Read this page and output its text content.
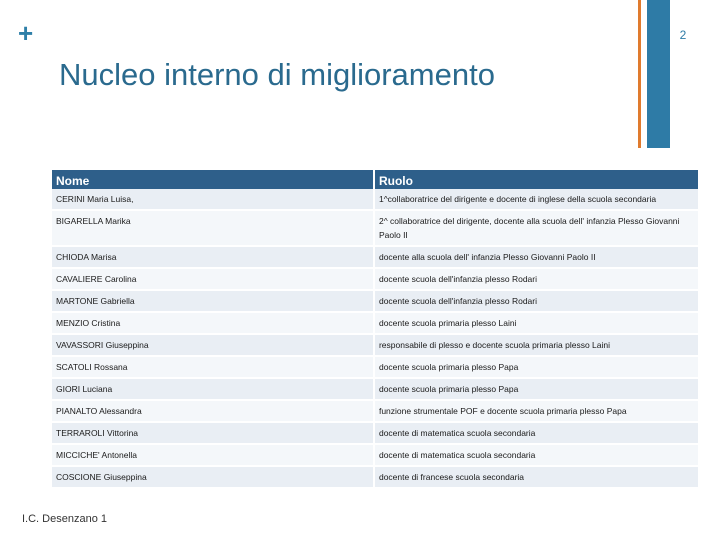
+	2
Nucleo interno di miglioramento
Nome	Ruolo
CERINI Maria Luisa,	1^collaboratrice del dirigente e docente di inglese della scuola secondaria
BIGARELLA Marika	2^ collaboratrice del dirigente, docente alla scuola dell' infanzia Plesso Giovanni Paolo II
CHIODA Marisa	docente alla scuola dell' infanzia Plesso Giovanni Paolo II
CAVALIERE Carolina	docente scuola dell'infanzia plesso Rodari
MARTONE Gabriella	docente scuola dell'infanzia plesso Rodari
MENZIO Cristina	docente scuola primaria plesso Laini
VAVASSORI Giuseppina	responsabile di plesso e docente scuola primaria plesso Laini
SCATOLI Rossana	docente scuola primaria plesso Papa
GIORI Luciana	docente scuola primaria plesso Papa
PIANALTO Alessandra	funzione strumentale POF e docente scuola primaria plesso Papa
TERRAROLI Vittorina	docente di matematica scuola secondaria
MICCICHE' Antonella	docente di matematica scuola secondaria
COSCIONE Giuseppina	docente di francese scuola secondaria
I.C. Desenzano 1
